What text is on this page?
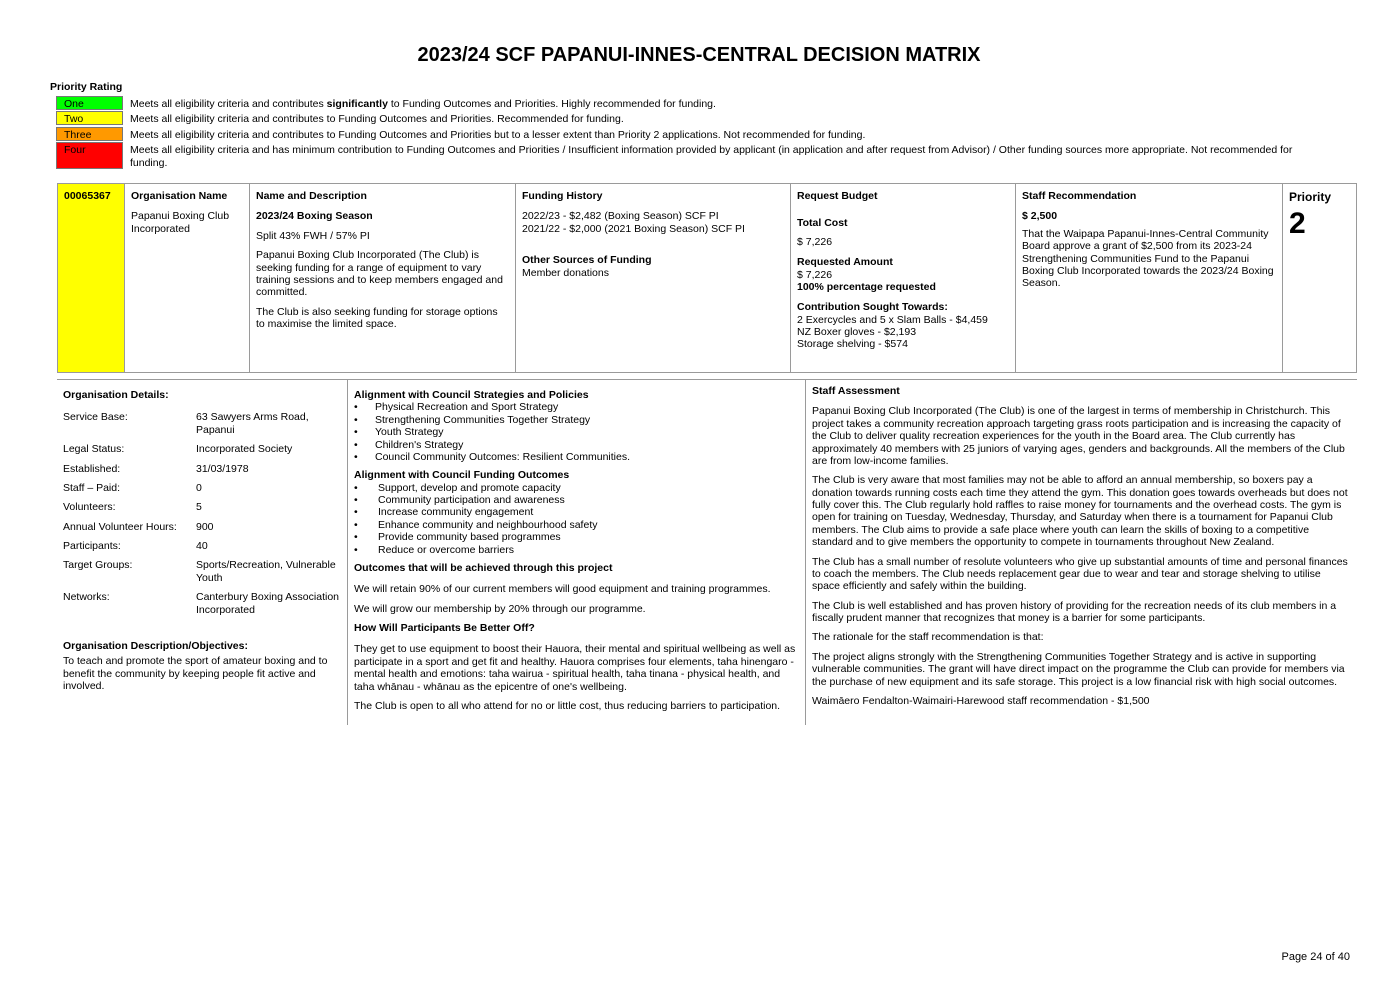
2023/24 SCF PAPANUI-INNES-CENTRAL DECISION MATRIX
Priority Rating
One	Meets all eligibility criteria and contributes significantly to Funding Outcomes and Priorities. Highly recommended for funding.
Two	Meets all eligibility criteria and contributes to Funding Outcomes and Priorities. Recommended for funding.
Three	Meets all eligibility criteria and contributes to Funding Outcomes and Priorities but to a lesser extent than Priority 2 applications. Not recommended for funding.
Four	Meets all eligibility criteria and has minimum contribution to Funding Outcomes and Priorities / Insufficient information provided by applicant (in application and after request from Advisor) / Other funding sources more appropriate. Not recommended for funding.
00065367	Organisation Name
Papanui Boxing Club Incorporated

Name and Description
2023/24 Boxing Season
Split 43% FWH / 57% PI
Papanui Boxing Club Incorporated (The Club) is seeking funding for a range of equipment to vary training sessions and to keep members engaged and committed.
The Club is also seeking funding for storage options to maximise the limited space.

Funding History
2022/23 - $2,482 (Boxing Season) SCF PI
2021/22 - $2,000 (2021 Boxing Season) SCF PI
Other Sources of Funding
Member donations

Request Budget
Total Cost
$ 7,226
Requested Amount
$ 7,226
100% percentage requested
Contribution Sought Towards:
2 Exercycles and 5 x Slam Balls - $4,459
NZ Boxer gloves - $2,193
Storage shelving - $574

Staff Recommendation
$ 2,500
That the Waipapa Papanui-Innes-Central Community Board approve a grant of $2,500 from its 2023-24 Strengthening Communities Fund to the Papanui Boxing Club Incorporated towards the 2023/24 Boxing Season.

Priority
2
Organisation Details:
Service Base:	63 Sawyers Arms Road, Papanui
Legal Status:	Incorporated Society
Established:	31/03/1978
Staff – Paid:	0
Volunteers:	5
Annual Volunteer Hours:	900
Participants:	40
Target Groups:	Sports/Recreation, Vulnerable Youth
Networks:	Canterbury Boxing Association Incorporated
Organisation Description/Objectives:
To teach and promote the sport of amateur boxing and to benefit the community by keeping people fit active and involved.
Alignment with Council Strategies and Policies
• Physical Recreation and Sport Strategy
• Strengthening Communities Together Strategy
• Youth Strategy
• Children's Strategy
• Council Community Outcomes: Resilient Communities.
Alignment with Council Funding Outcomes
• Support, develop and promote capacity
• Community participation and awareness
• Increase community engagement
• Enhance community and neighbourhood safety
• Provide community based programmes
• Reduce or overcome barriers
Outcomes that will be achieved through this project
We will retain 90% of our current members will good equipment and training programmes.
We will grow our membership by 20% through our programme.
How Will Participants Be Better Off?
They get to use equipment to boost their Hauora, their mental and spiritual wellbeing as well as participate in a sport and get fit and healthy. Hauora comprises four elements, taha hinengaro - mental health and emotions: taha wairua - spiritual health, taha tinana - physical health, and taha whānau - whānau as the epicentre of one's wellbeing.
The Club is open to all who attend for no or little cost, thus reducing barriers to participation.
Staff Assessment
Papanui Boxing Club Incorporated (The Club) is one of the largest in terms of membership in Christchurch. This project takes a community recreation approach targeting grass roots participation and is increasing the capacity of the Club to deliver quality recreation experiences for the youth in the Board area. The Club currently has approximately 40 members with 25 juniors of varying ages, genders and backgrounds. All the members of the Club are from low-income families.
The Club is very aware that most families may not be able to afford an annual membership, so boxers pay a donation towards running costs each time they attend the gym. This donation goes towards overheads but does not fully cover this. The Club regularly hold raffles to raise money for tournaments and the overhead costs. The gym is open for training on Tuesday, Wednesday, Thursday, and Saturday when there is a tournament for Papanui Club members. The Club aims to provide a safe place where youth can learn the skills of boxing to a competitive standard and to give members the opportunity to compete in tournaments throughout New Zealand.
The Club has a small number of resolute volunteers who give up substantial amounts of time and personal finances to coach the members. The Club needs replacement gear due to wear and tear and storage shelving to utilise space efficiently and safely within the building.
The Club is well established and has proven history of providing for the recreation needs of its club members in a fiscally prudent manner that recognizes that money is a barrier for some participants.
The rationale for the staff recommendation is that:
The project aligns strongly with the Strengthening Communities Together Strategy and is active in supporting vulnerable communities. The grant will have direct impact on the programme the Club can provide for members via the purchase of new equipment and its safe storage. This project is a low financial risk with high social outcomes.
Waimāero Fendalton-Waimairi-Harewood staff recommendation - $1,500
Page 24 of 40
